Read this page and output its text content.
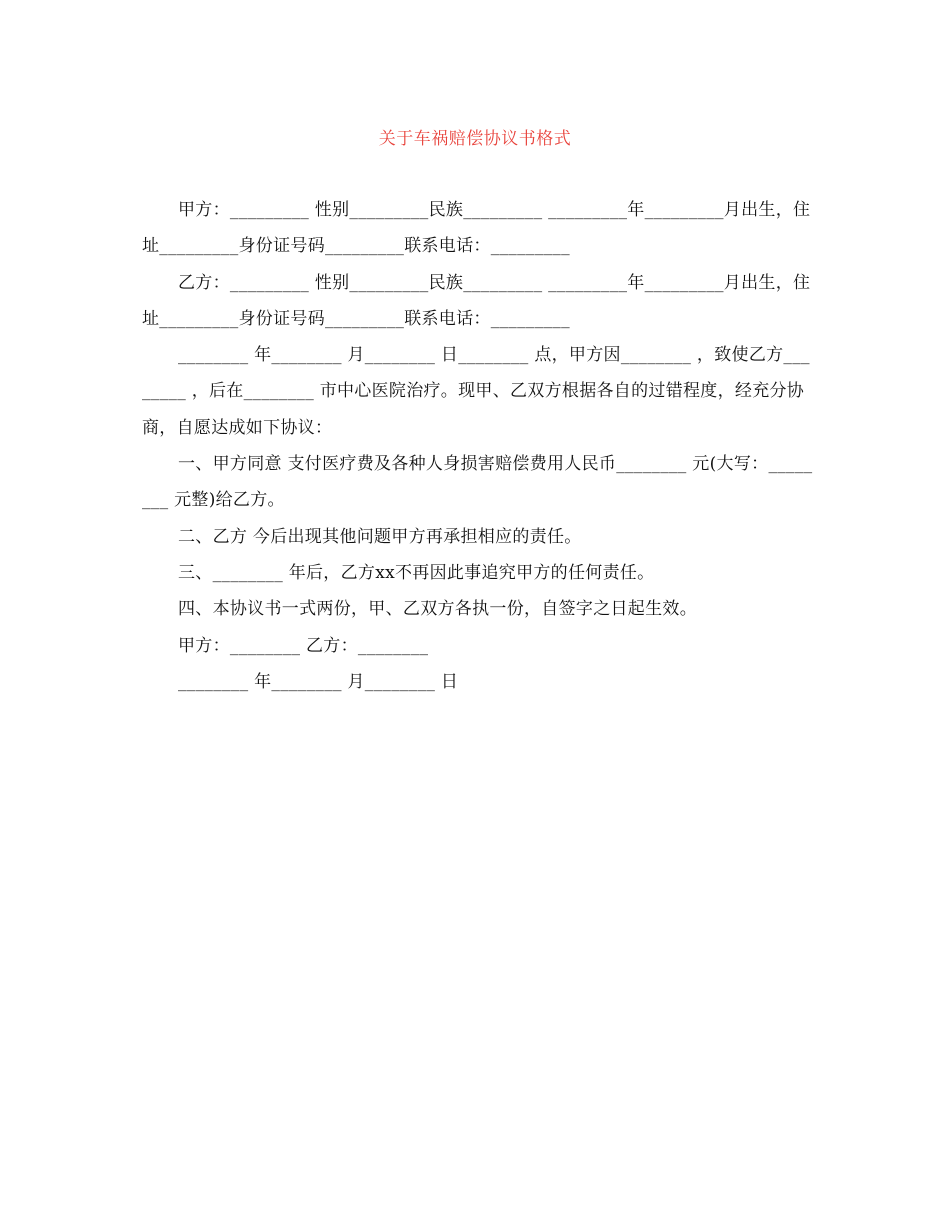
关于车祸赔偿协议书格式

甲方：_________ 性别_________民族_________ _________年_________月出生，住址_________身份证号码_________联系电话：_________

乙方：_________ 性别_________民族_________ _________年_________月出生，住址_________身份证号码_________联系电话：_________

________ 年________ 月________ 日________ 点，甲方因________ ，致使乙方________ ，后在________ 市中心医院治疗。现甲、乙双方根据各自的过错程度，经充分协商，自愿达成如下协议：

一、甲方同意 支付医疗费及各种人身损害赔偿费用人民币________ 元(大写：________ 元整)给乙方。

二、乙方 今后出现其他问题甲方再承担相应的责任。

三、________ 年后，乙方xx不再因此事追究甲方的任何责任。

四、本协议书一式两份，甲、乙双方各执一份，自签字之日起生效。

甲方：________ 乙方：________

________ 年________ 月________ 日
